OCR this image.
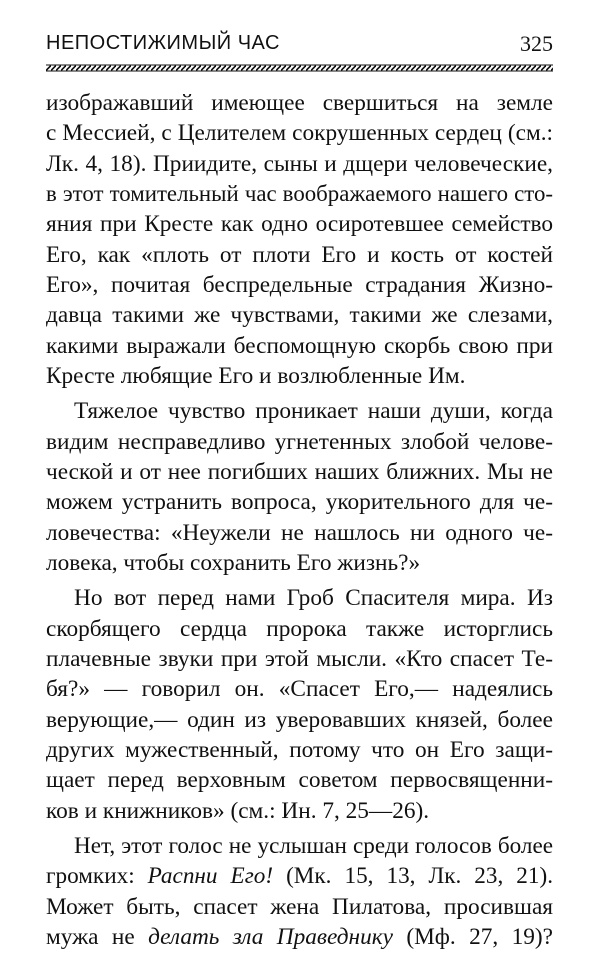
НЕПОСТИЖИМЫЙ ЧАС	325
изображавший имеющее свершиться на земле
с Мессией, с Целителем сокрушенных сердец (см.:
Лк. 4, 18). Приидите, сыны и дщери человеческие,
в этот томительный час воображаемого нашего сто-
яния при Кресте как одно осиротевшее семейство
Его, как «плоть от плоти Его и кость от костей
Его», почитая беспредельные страдания Жизно-
давца такими же чувствами, такими же слезами,
какими выражали беспомощную скорбь свою при
Кресте любящие Его и возлюбленные Им.
Тяжелое чувство проникает наши души, когда
видим несправедливо угнетенных злобой челове-
ческой и от нее погибших наших ближних. Мы не
можем устранить вопроса, укорительного для че-
ловечества: «Неужели не нашлось ни одного че-
ловека, чтобы сохранить Его жизнь?»
Но вот перед нами Гроб Спасителя мира. Из
скорбящего сердца пророка также исторглись
плачевные звуки при этой мысли. «Кто спасет Те-
бя?» — говорил он. «Спасет Его,— надеялись
верующие,— один из уверовавших князей, более
других мужественный, потому что он Его защи-
щает перед верховным советом первосвященни-
ков и книжников» (см.: Ин. 7, 25—26).
Нет, этот голос не услышан среди голосов более
громких: Распни Его! (Мк. 15, 13, Лк. 23, 21).
Может быть, спасет жена Пилатова, просившая
мужа не делать зла Праведнику (Мф. 27, 19)?
